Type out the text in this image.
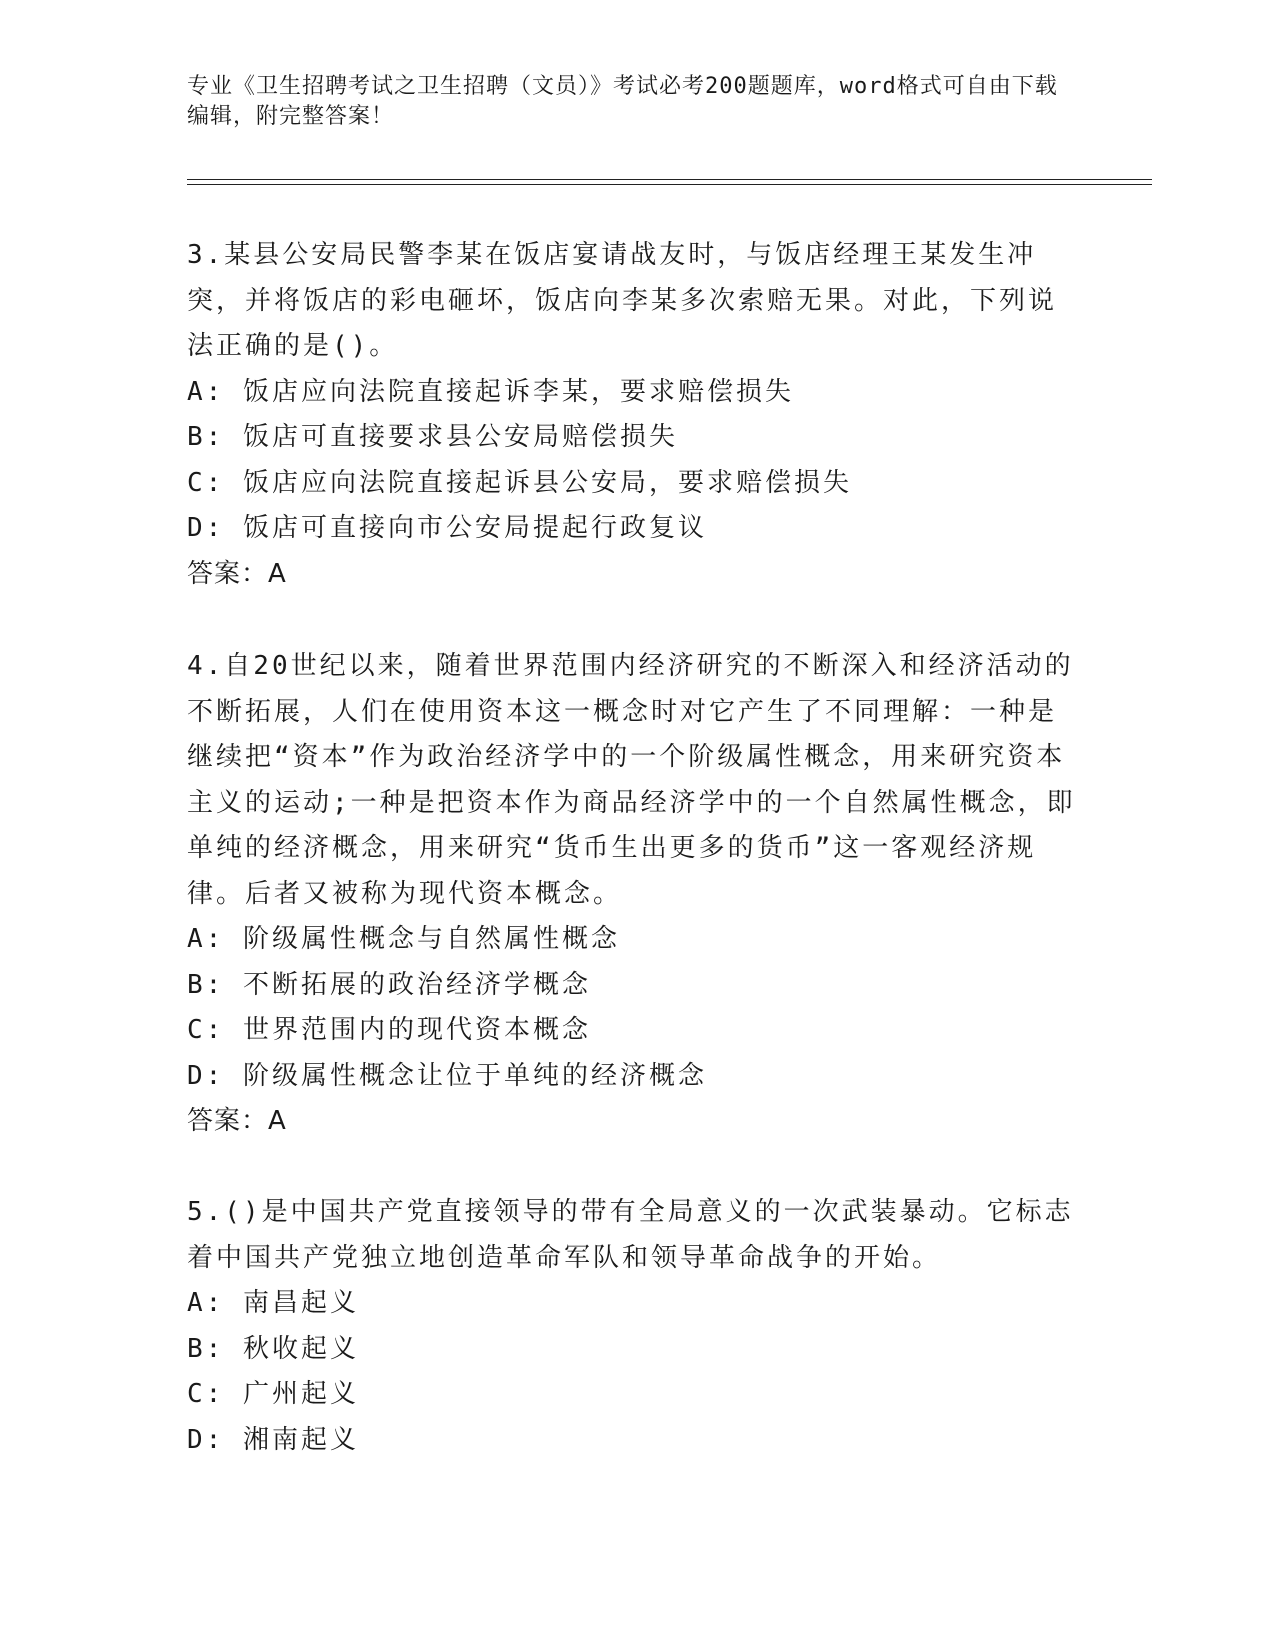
专业《卫生招聘考试之卫生招聘（文员）》考试必考200题题库，word格式可自由下载编辑，附完整答案！

3.某县公安局民警李某在饭店宴请战友时，与饭店经理王某发生冲突，并将饭店的彩电砸坏，饭店向李某多次索赔无果。对此，下列说法正确的是()。

A: 饭店应向法院直接起诉李某，要求赔偿损失

B: 饭店可直接要求县公安局赔偿损失

C: 饭店应向法院直接起诉县公安局，要求赔偿损失

D: 饭店可直接向市公安局提起行政复议

答案：A

4.自20世纪以来，随着世界范围内经济研究的不断深入和经济活动的不断拓展，人们在使用资本这一概念时对它产生了不同理解：一种是继续把“资本”作为政治经济学中的一个阶级属性概念，用来研究资本主义的运动;一种是把资本作为商品经济学中的一个自然属性概念，即单纯的经济概念，用来研究“货币生出更多的货币”这一客观经济规律。后者又被称为现代资本概念。

A: 阶级属性概念与自然属性概念

B: 不断拓展的政治经济学概念

C: 世界范围内的现代资本概念

D: 阶级属性概念让位于单纯的经济概念

答案：A

5.()是中国共产党直接领导的带有全局意义的一次武装暴动。它标志着中国共产党独立地创造革命军队和领导革命战争的开始。

A: 南昌起义

B: 秋收起义

C: 广州起义

D: 湘南起义
